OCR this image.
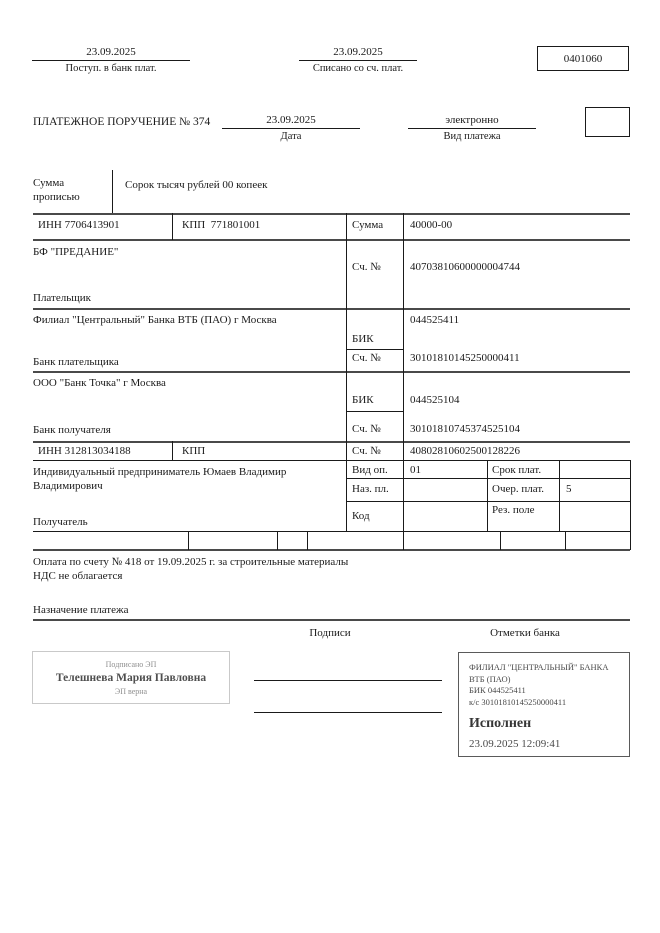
23.09.2025
Поступ. в банк плат.
23.09.2025
Списано со сч. плат.
0401060
ПЛАТЕЖНОЕ ПОРУЧЕНИЕ № 374	23.09.2025
Дата
электронно
Вид платежа
Сумма прописью
Сорок тысяч рублей 00 копеек
ИНН 7706413901	КПП  771801001	Сумма 40000-00
БФ "ПРЕДАНИЕ"
Сч. №	40703810600000004744
Плательщик
Филиал "Центральный" Банка ВТБ (ПАО) г Москва	044525411
БИК
Сч. №	30101810145250000411
Банк плательщика
ООО "Банк Точка" г Москва
БИК	044525104
Сч. №	30101810745374525104
Банк получателя
ИНН 312813034188	КПП	Сч. №	40802810602500128226
Индивидуальный предприниматель Юмаев Владимир Владимирович
Получатель
Вид оп. 01	Срок плат.
Наз. пл.	Очер. плат. 5
Код	Рез. поле
Оплата по счету № 418 от 19.09.2025 г. за строительные материалы
НДС не облагается
Назначение платежа
Подписи	Отметки банка
Подписано ЭП
Телешнева Мария Павловна
ЭП верна
ФИЛИАЛ "ЦЕНТРАЛЬНЫЙ" БАНКА ВТБ (ПАО)
БИК 044525411
к/с 30101810145250000411
Исполнен
23.09.2025 12:09:41
